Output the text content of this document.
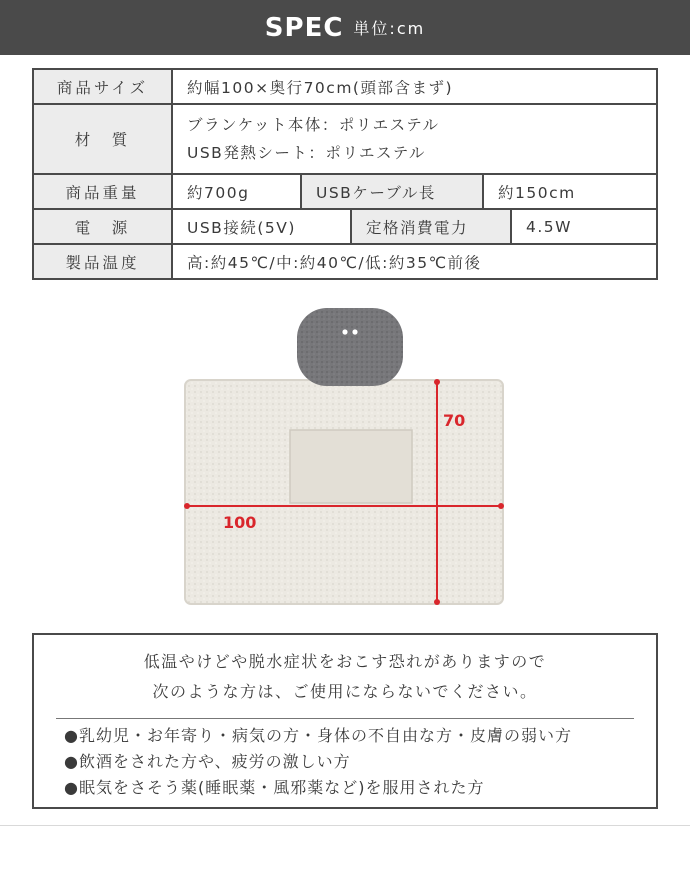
SPEC 単位:cm
商品サイズ	約幅100×奥行70cm(頭部含まず)
材　質	ブランケット本体：ポリエステル
USB発熱シート：ポリエステル

商品重量	約700g USBケーブル長 約150cm

電　源	USB接続(5V) 定格消費電力 4.5W

製品温度	高:約45℃/中:約40℃/低:約35℃前後
70
100
低温やけどや脱水症状をおこす恐れがありますので
次のような方は、ご使用にならないでください。
●乳幼児・お年寄り・病気の方・身体の不自由な方・皮膚の弱い方
●飲酒をされた方や、疲労の激しい方
●眠気をさそう薬(睡眠薬・風邪薬など)を服用された方
